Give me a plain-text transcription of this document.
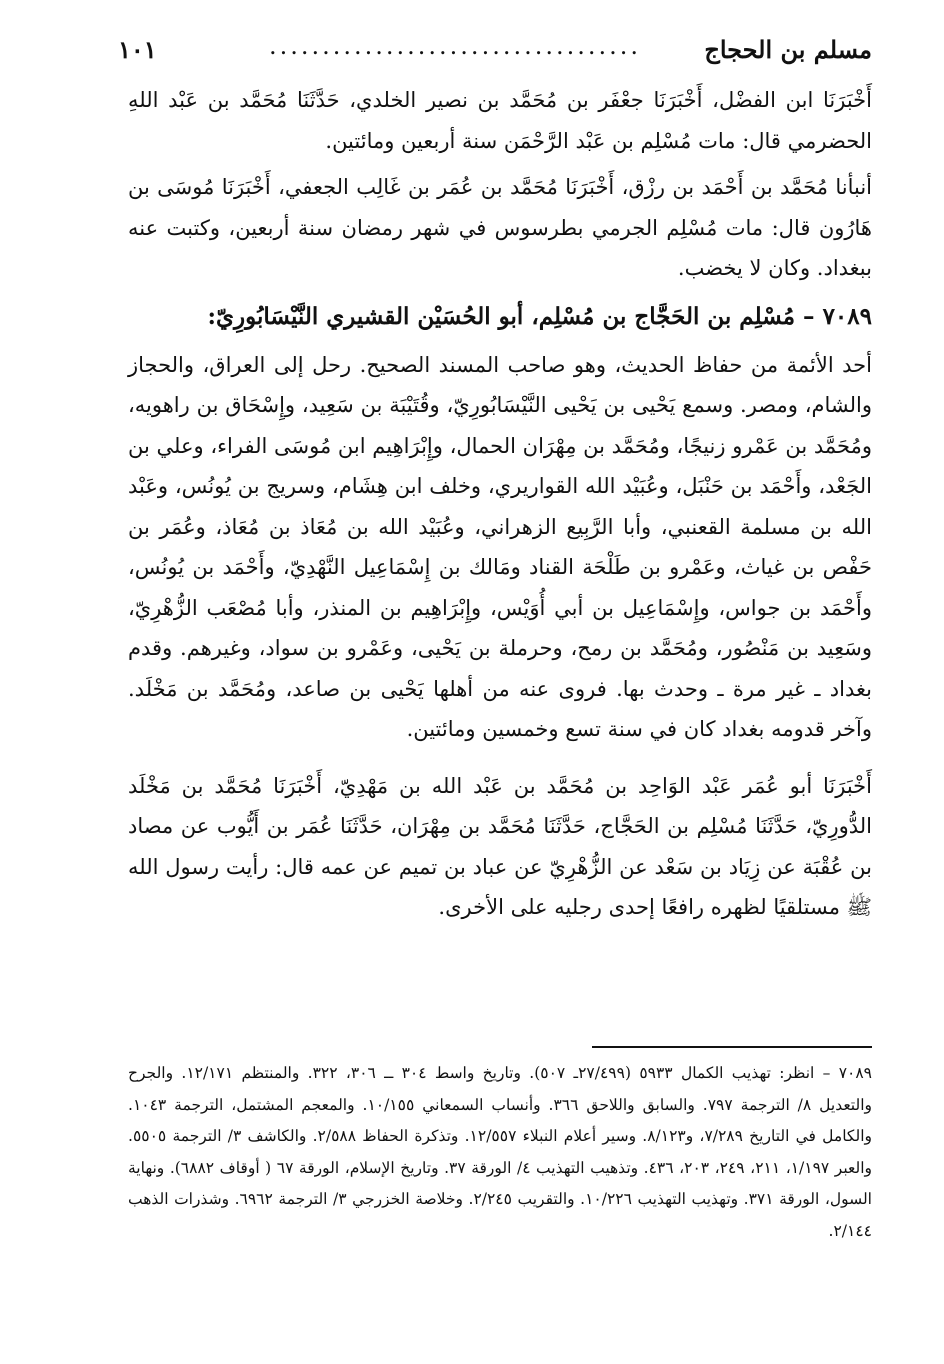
مسلم بن الحجاج
...................................
١٠١

أَخْبَرَنَا ابن الفضْل، أَخْبَرَنَا جعْفَر بن مُحَمَّد بن نصير الخلدي، حَدَّثَنَا مُحَمَّد بن عَبْد اللهِ الحضرمي قال: مات مُسْلِم بن عَبْد الرَّحْمَن سنة أربعين ومائتين.

أنبأنا مُحَمَّد بن أَحْمَد بن رزْق، أَخْبَرَنَا مُحَمَّد بن عُمَر بن غَالِب الجعفي، أَخْبَرَنَا مُوسَى بن هَارُون قال: مات مُسْلِم الجرمي بطرسوس في شهر رمضان سنة أربعين، وكتبت عنه ببغداد. وكان لا يخضب.

٧٠٨٩ – مُسْلِم بن الحَجَّاج بن مُسْلِم، أبو الحُسَيْن القشيري النَّيْسَابُورِيّ:

أحد الأئمة من حفاظ الحديث، وهو صاحب المسند الصحيح. رحل إلى العراق، والحجاز والشام، ومصر. وسمع يَحْيى بن يَحْيى النَّيْسَابُورِيّ، وقُتَيْبَة بن سَعِيد، وإِسْحَاق بن راهويه، ومُحَمَّد بن عَمْرو زنيجًا، ومُحَمَّد بن مِهْرَان الحمال، وإِبْرَاهِيم ابن مُوسَى الفراء، وعلي بن الجَعْد، وأَحْمَد بن حَنْبَل، وعُبَيْد الله القواريري، وخلف ابن هِشَام، وسريج بن يُونُس، وعَبْد الله بن مسلمة القعنبي، وأبا الرَّبِيع الزهراني، وعُبَيْد الله بن مُعَاذ بن مُعَاذ، وعُمَر بن حَفْص بن غياث، وعَمْرو بن طَلْحَة القناد ومَالك بن إِسْمَاعِيل النَّهْدِيّ، وأَحْمَد بن يُونُس، وأَحْمَد بن جواس، وإِسْمَاعِيل بن أبي أُوَيْس، وإِبْرَاهِيم بن المنذر، وأبا مُصْعَب الزُّهْرِيّ، وسَعِيد بن مَنْصُور، ومُحَمَّد بن رمح، وحرملة بن يَحْيى، وعَمْرو بن سواد، وغيرهم. وقدم بغداد ـ غير مرة ـ وحدث بها. فروى عنه من أهلها يَحْيى بن صاعد، ومُحَمَّد بن مَخْلَد. وآخر قدومه بغداد كان في سنة تسع وخمسين ومائتين.

أَخْبَرَنَا أبو عُمَر عَبْد الوَاحِد بن مُحَمَّد بن عَبْد الله بن مَهْدِيّ، أَخْبَرَنَا مُحَمَّد بن مَخْلَد الدُّورِيّ، حَدَّثَنَا مُسْلِم بن الحَجَّاج، حَدَّثَنَا مُحَمَّد بن مِهْرَان، حَدَّثَنَا عُمَر بن أَيُّوب عن مصاد بن عُقْبَة عن زِيَاد بن سَعْد عن الزُّهْرِيّ عن عباد بن تميم عن عمه قال: رأيت رسول الله ﷺ مستلقيًا لظهره رافعًا إحدى رجليه على الأخرى.

٧٠٨٩ – انظر: تهذيب الكمال ٥٩٣٣ (٢٧/٤٩٩ـ ٥٠٧). وتاريخ واسط ٣٠٤ ــ ٣٠٦، ٣٢٢. والمنتظم ١٢/١٧١. والجرح والتعديل ٨/ الترجمة ٧٩٧. والسابق واللاحق ٣٦٦. وأنساب السمعاني ١٠/١٥٥. والمعجم المشتمل، الترجمة ١٠٤٣. والكامل في التاريخ ٧/٢٨٩، و٨/١٢٣. وسير أعلام النبلاء ١٢/٥٥٧. وتذكرة الحفاظ ٢/٥٨٨. والكاشف ٣/ الترجمة ٥٥٠٥. والعبر ١/١٩٧، ٢١١، ٢٤٩، ٢٠٣، ٤٣٦. وتذهيب التهذيب ٤/ الورقة ٣٧. وتاريخ الإسلام، الورقة ٦٧ ( أوقاف ٦٨٨٢). ونهاية السول، الورقة ٣٧١. وتهذيب التهذيب ١٠/٢٢٦. والتقريب ٢/٢٤٥. وخلاصة الخزرجي ٣/ الترجمة ٦٩٦٢. وشذرات الذهب ٢/١٤٤.
